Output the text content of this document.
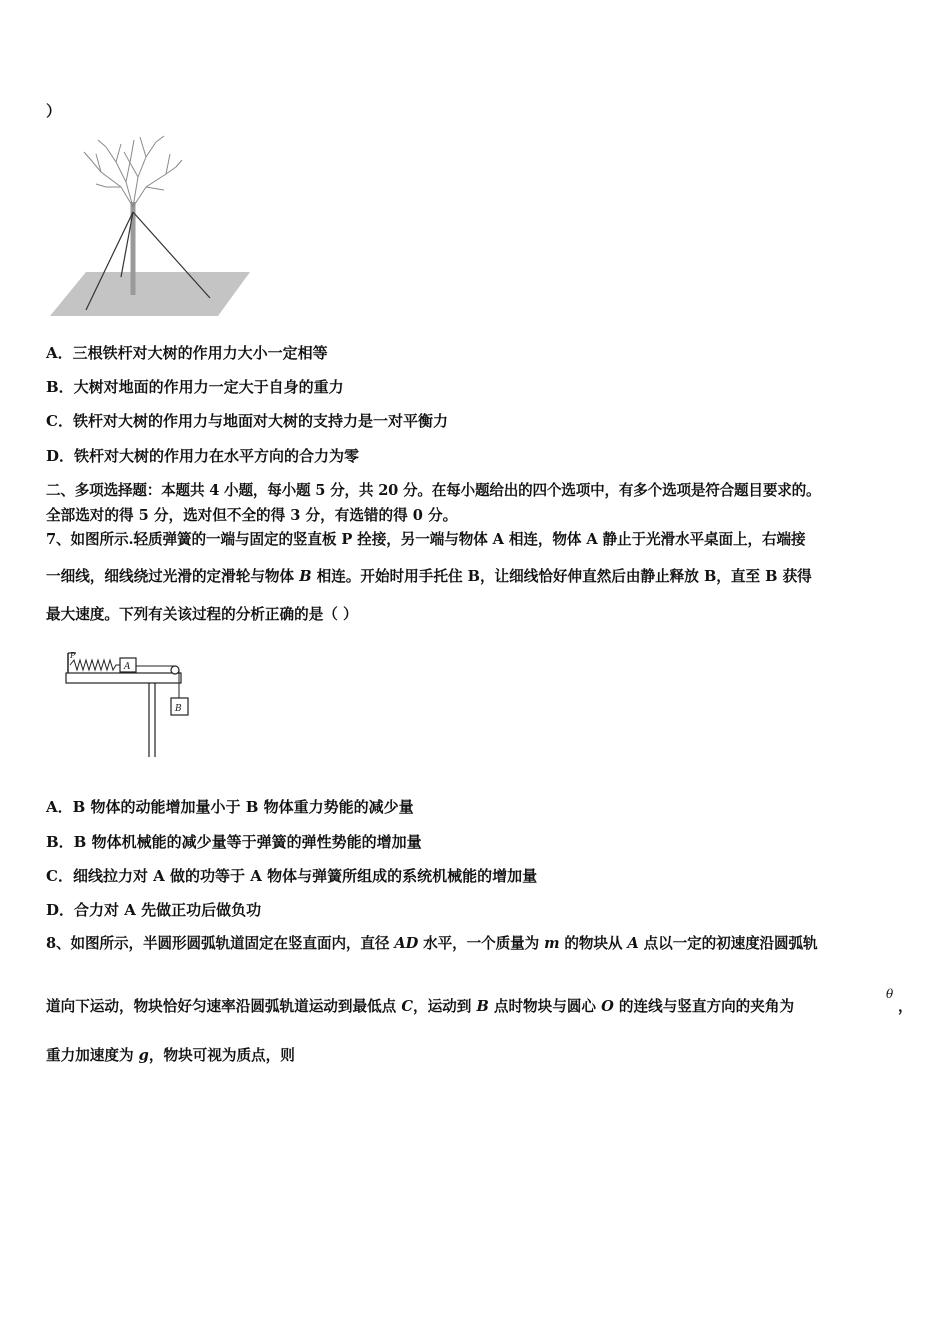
）
A．三根铁杆对大树的作用力大小一定相等
B．大树对地面的作用力一定大于自身的重力
C．铁杆对大树的作用力与地面对大树的支持力是一对平衡力
D．铁杆对大树的作用力在水平方向的合力为零
二、多项选择题：本题共 4 小题，每小题 5 分，共 20 分。在每小题给出的四个选项中，有多个选项是符合题目要求的。
全部选对的得 5 分，选对但不全的得 3 分，有选错的得 0 分。
7、如图所示.轻质弹簧的一端与固定的竖直板 P 拴接，另一端与物体 A 相连，物体 A 静止于光滑水平桌面上，右端接
一细线，细线绕过光滑的定滑轮与物体 B 相连。开始时用手托住 B，让细线恰好伸直然后由静止释放 B，直至 B 获得
最大速度。下列有关该过程的分析正确的是（ ）
P
A
B
A．B 物体的动能增加量小于 B 物体重力势能的减少量
B．B 物体机械能的减少量等于弹簧的弹性势能的增加量
C．细线拉力对 A 做的功等于 A 物体与弹簧所组成的系统机械能的增加量
D．合力对 A 先做正功后做负功
8、如图所示，半圆形圆弧轨道固定在竖直面内，直径 AD 水平，一个质量为 m 的物块从 A 点以一定的初速度沿圆弧轨
道向下运动，物块恰好匀速率沿圆弧轨道运动到最低点 C，运动到 B 点时物块与圆心 O 的连线与竖直方向的夹角为
θ
，
重力加速度为 g，物块可视为质点，则
